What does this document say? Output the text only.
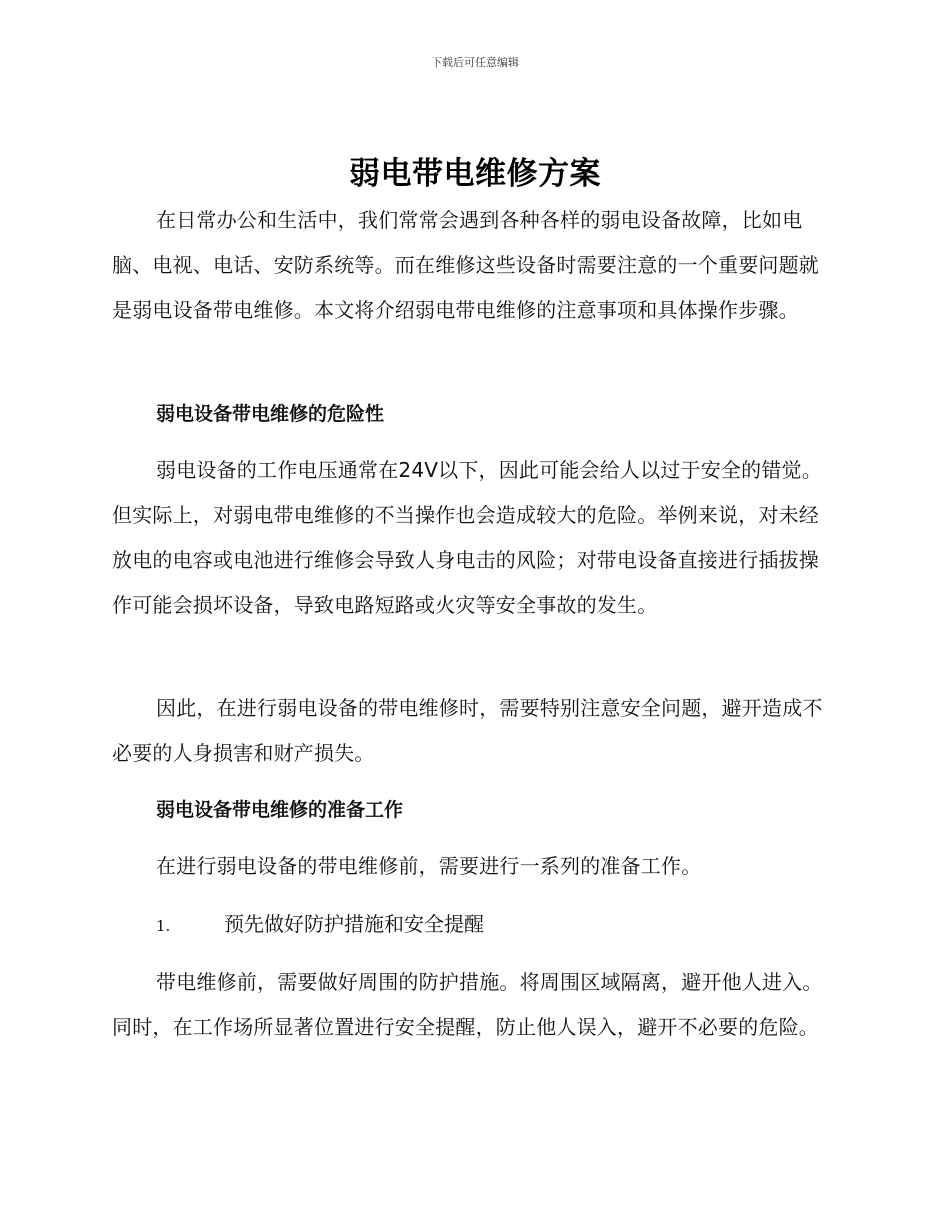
下载后可任意编辑
弱电带电维修方案

在日常办公和生活中，我们常常会遇到各种各样的弱电设备故障，比如电脑、电视、电话、安防系统等。而在维修这些设备时需要注意的一个重要问题就是弱电设备带电维修。本文将介绍弱电带电维修的注意事项和具体操作步骤。

弱电设备带电维修的危险性

弱电设备的工作电压通常在24V以下，因此可能会给人以过于安全的错觉。但实际上，对弱电带电维修的不当操作也会造成较大的危险。举例来说，对未经放电的电容或电池进行维修会导致人身电击的风险；对带电设备直接进行插拔操作可能会损坏设备，导致电路短路或火灾等安全事故的发生。

因此，在进行弱电设备的带电维修时，需要特别注意安全问题，避开造成不必要的人身损害和财产损失。

弱电设备带电维修的准备工作

在进行弱电设备的带电维修前，需要进行一系列的准备工作。

1.	预先做好防护措施和安全提醒

带电维修前，需要做好周围的防护措施。将周围区域隔离，避开他人进入。同时，在工作场所显著位置进行安全提醒，防止他人误入，避开不必要的危险。
